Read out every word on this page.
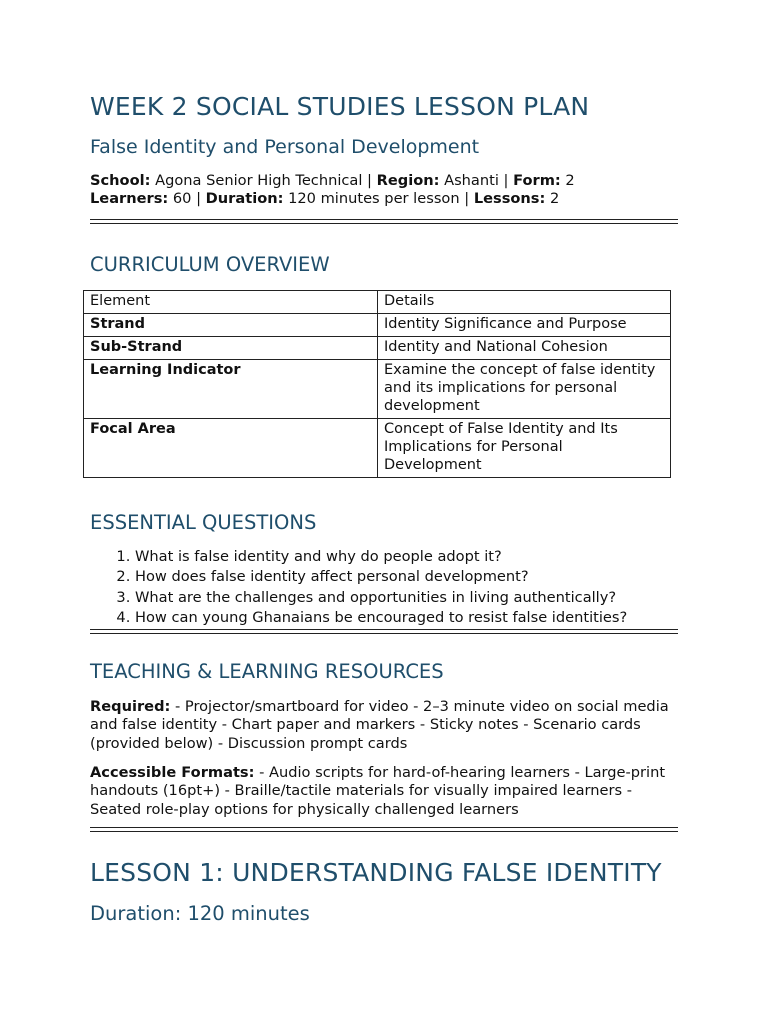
WEEK 2 SOCIAL STUDIES LESSON PLAN
False Identity and Personal Development
School: Agona Senior High Technical | Region: Ashanti | Form: 2
Learners: 60 | Duration: 120 minutes per lesson | Lessons: 2
CURRICULUM OVERVIEW
Element	Details
Strand	Identity Significance and Purpose
Sub-Strand	Identity and National Cohesion
Learning Indicator	Examine the concept of false identity and its implications for personal development
Focal Area	Concept of False Identity and Its Implications for Personal Development
ESSENTIAL QUESTIONS
1. What is false identity and why do people adopt it?
2. How does false identity affect personal development?
3. What are the challenges and opportunities in living authentically?
4. How can young Ghanaians be encouraged to resist false identities?
TEACHING & LEARNING RESOURCES
Required: - Projector/smartboard for video - 2–3 minute video on social media and false identity - Chart paper and markers - Sticky notes - Scenario cards (provided below) - Discussion prompt cards
Accessible Formats: - Audio scripts for hard-of-hearing learners - Large-print handouts (16pt+) - Braille/tactile materials for visually impaired learners - Seated role-play options for physically challenged learners
LESSON 1: UNDERSTANDING FALSE IDENTITY
Duration: 120 minutes
